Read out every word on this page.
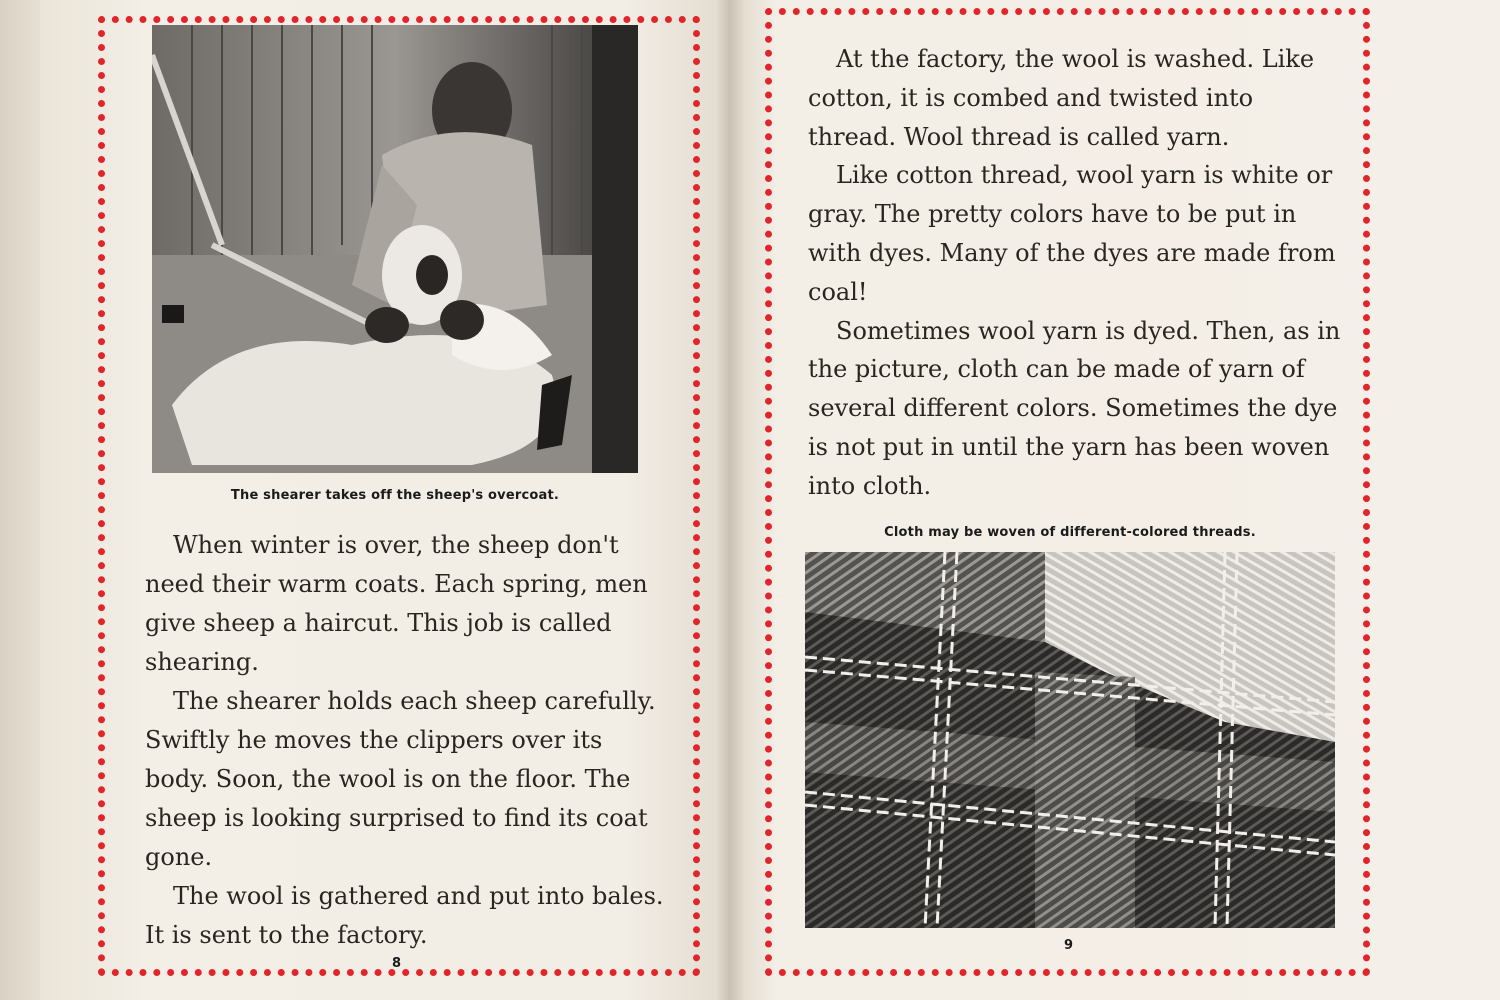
The shearer takes off the sheep's overcoat.

When winter is over, the sheep don't need their warm coats. Each spring, men give sheep a haircut. This job is called shearing.

The shearer holds each sheep carefully. Swiftly he moves the clippers over its body. Soon, the wool is on the floor. The sheep is looking surprised to find its coat gone.

The wool is gathered and put into bales. It is sent to the factory.

8

At the factory, the wool is washed. Like cotton, it is combed and twisted into thread. Wool thread is called yarn.

Like cotton thread, wool yarn is white or gray. The pretty colors have to be put in with dyes. Many of the dyes are made from coal!

Sometimes wool yarn is dyed. Then, as in the picture, cloth can be made of yarn of several different colors. Sometimes the dye is not put in until the yarn has been woven into cloth.

Cloth may be woven of different-colored threads.
9
